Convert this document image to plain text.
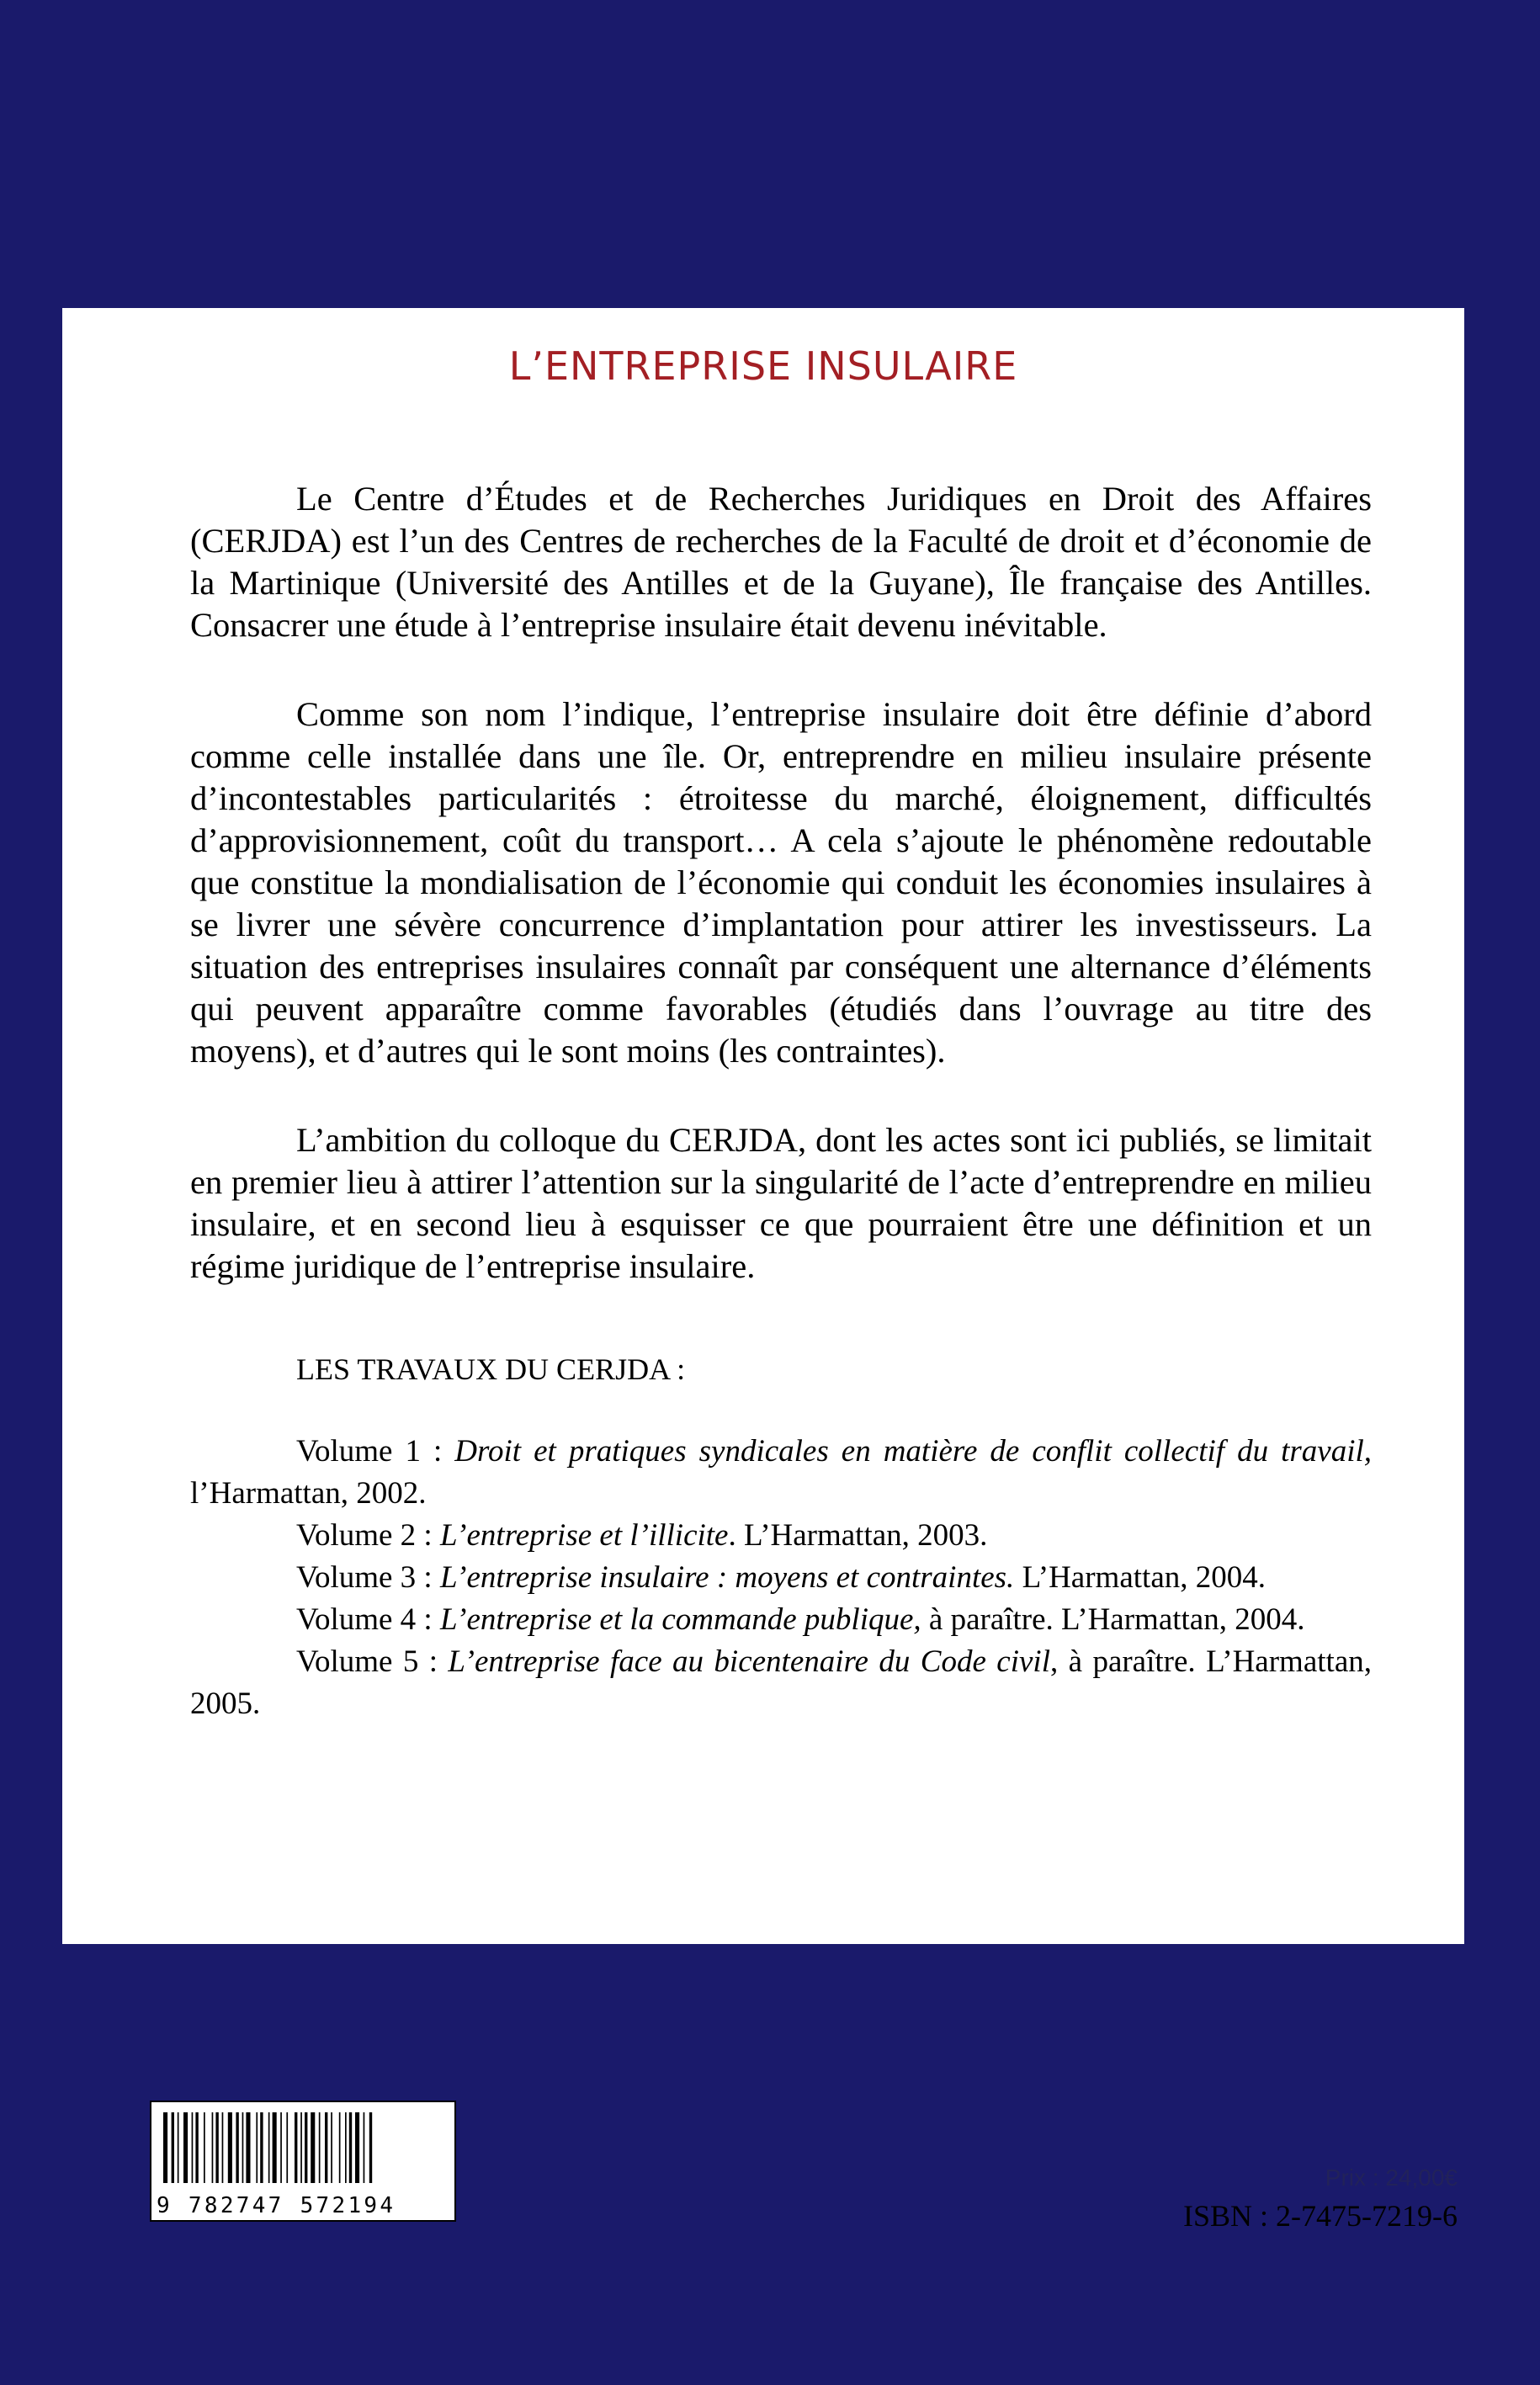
L’ENTREPRISE INSULAIRE

Le Centre d’Études et de Recherches Juridiques en Droit des Affaires (CERJDA) est l’un des Centres de recherches de la Faculté de droit et d’économie de la Martinique (Université des Antilles et de la Guyane), Île française des Antilles. Consacrer une étude à l’entreprise insulaire était devenu inévitable.

Comme son nom l’indique, l’entreprise insulaire doit être définie d’abord comme celle installée dans une île. Or, entreprendre en milieu insulaire présente d’incontestables particularités : étroitesse du marché, éloignement, difficultés d’approvisionnement, coût du transport… A cela s’ajoute le phénomène redoutable que constitue la mondialisation de l’économie qui conduit les économies insulaires à se livrer une sévère concurrence d’implantation pour attirer les investisseurs. La situation des entreprises insulaires connaît par conséquent une alternance d’éléments qui peuvent apparaître comme favorables (étudiés dans l’ouvrage au titre des moyens), et d’autres qui le sont moins (les contraintes).

L’ambition du colloque du CERJDA, dont les actes sont ici publiés, se limitait en premier lieu à attirer l’attention sur la singularité de l’acte d’entreprendre en milieu insulaire, et en second lieu à esquisser ce que pourraient être une définition et un régime juridique de l’entreprise insulaire.

LES TRAVAUX DU CERJDA :

Volume 1 : Droit et pratiques syndicales en matière de conflit collectif du travail, l’Harmattan, 2002.

Volume 2 : L’entreprise et l’illicite. L’Harmattan, 2003.

Volume 3 : L’entreprise insulaire : moyens et contraintes. L’Harmattan, 2004.

Volume 4 : L’entreprise et la commande publique, à paraître. L’Harmattan, 2004.

Volume 5 : L’entreprise face au bicentenaire du Code civil, à paraître. L’Harmattan, 2005.

9 782747 572194
Prix : 24,00€
ISBN : 2-7475-7219-6
